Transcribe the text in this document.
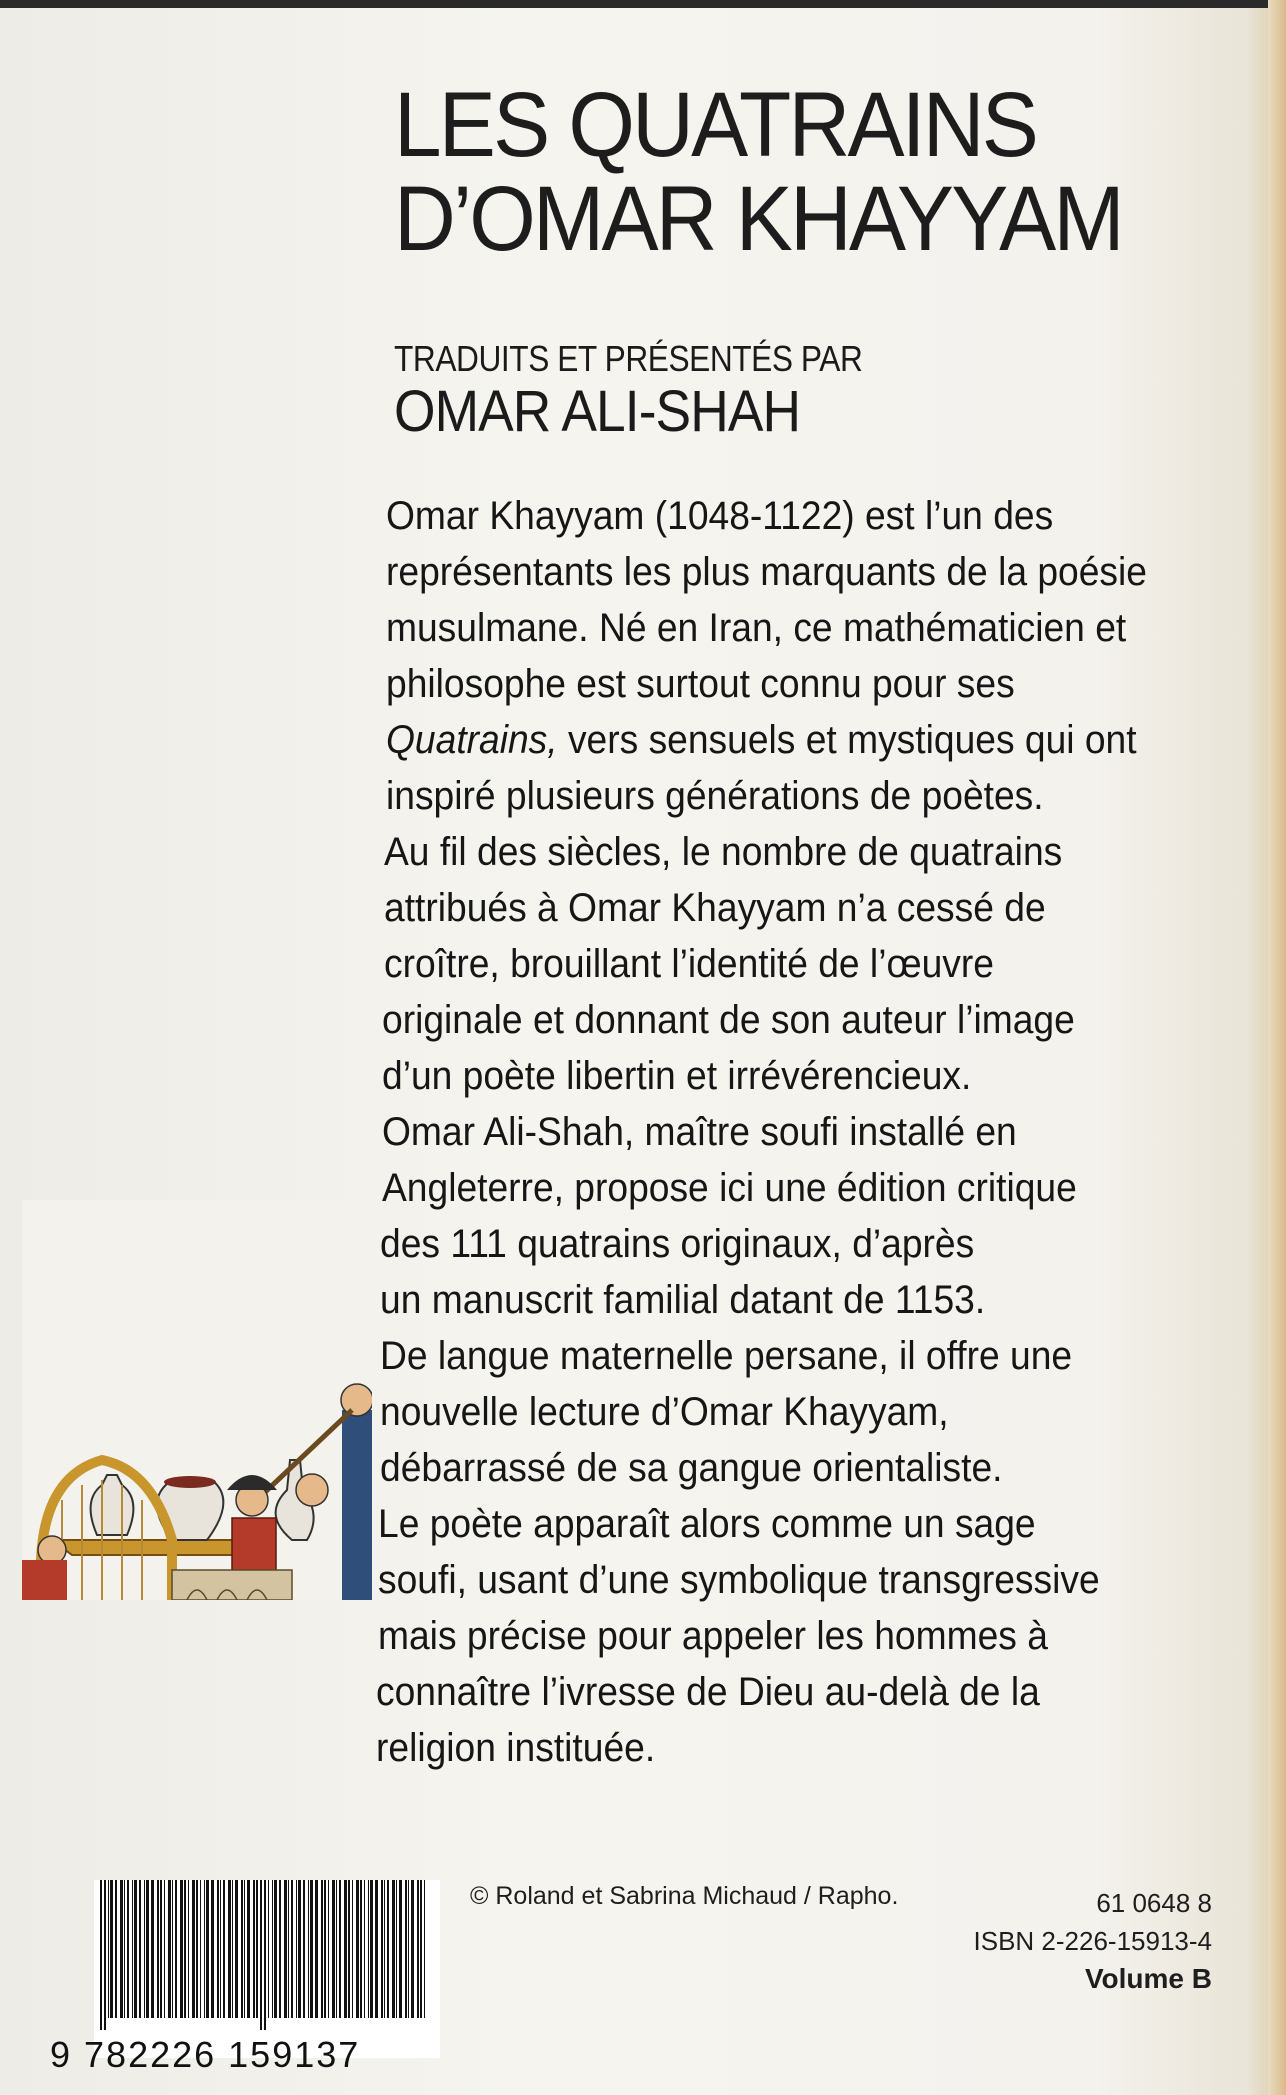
LES QUATRAINS
D’OMAR KHAYYAM
TRADUITS ET PRÉSENTÉS PAR
OMAR ALI-SHAH
Omar Khayyam (1048-1122) est l’un des
représentants les plus marquants de la poésie
musulmane. Né en Iran, ce mathématicien et
philosophe est surtout connu pour ses
Quatrains, vers sensuels et mystiques qui ont
inspiré plusieurs générations de poètes.
Au fil des siècles, le nombre de quatrains
attribués à Omar Khayyam n’a cessé de
croître, brouillant l’identité de l’œuvre
originale et donnant de son auteur l’image
d’un poète libertin et irrévérencieux.
Omar Ali-Shah, maître soufi installé en
Angleterre, propose ici une édition critique
des 111 quatrains originaux, d’après
un manuscrit familial datant de 1153.
De langue maternelle persane, il offre une
nouvelle lecture d’Omar Khayyam,
débarrassé de sa gangue orientaliste.
Le poète apparaît alors comme un sage
soufi, usant d’une symbolique transgressive
mais précise pour appeler les hommes à
connaître l’ivresse de Dieu au-delà de la
religion instituée.
© Roland et Sabrina Michaud / Rapho.	61 0648 8
ISBN 2-226-15913-4
Volume B
9 782226 159137
